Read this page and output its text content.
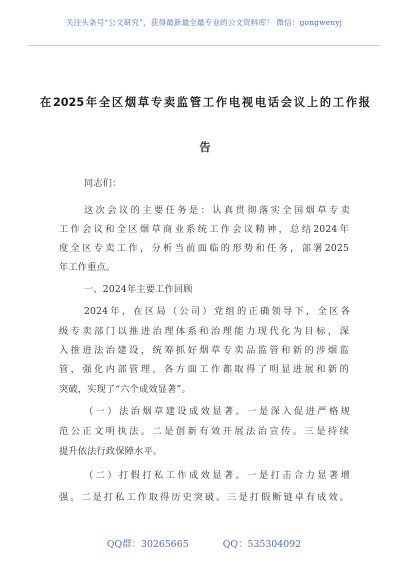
关注头条号“公文研究”，获得最新最全最专业的公文资料库！ 微信：gongwenyj
在2025年全区烟草专卖监管工作电视电话会议上的工作报
告
同志们：
这次会议的主要任务是：认真贯彻落实全国烟草专卖
工作会议和全区烟草商业系统工作会议精神，总结2024年
度全区专卖工作，分析当前面临的形势和任务，部署2025
年工作重点。
一、2024年主要工作回顾
2024年，在区局（公司）党组的正确领导下，全区各
级专卖部门以推进治理体系和治理能力现代化为目标，深
入推进法治建设，统筹抓好烟草专卖品监管和新的涉烟监
管，强化内部管理，各方面工作都取得了明显进展和新的
突破，实现了“六个成效显著”。
（一）法治烟草建设成效显著。一是深入促进严格规
范公正文明执法。二是创新有效开展法治宣传。三是持续
提升依法行政保障水平。
（二）打假打私工作成效显著。一是打击合力显著增
强。二是打私工作取得历史突破。三是打假断链卓有成效。
QQ群：30265665	QQ：535304092
